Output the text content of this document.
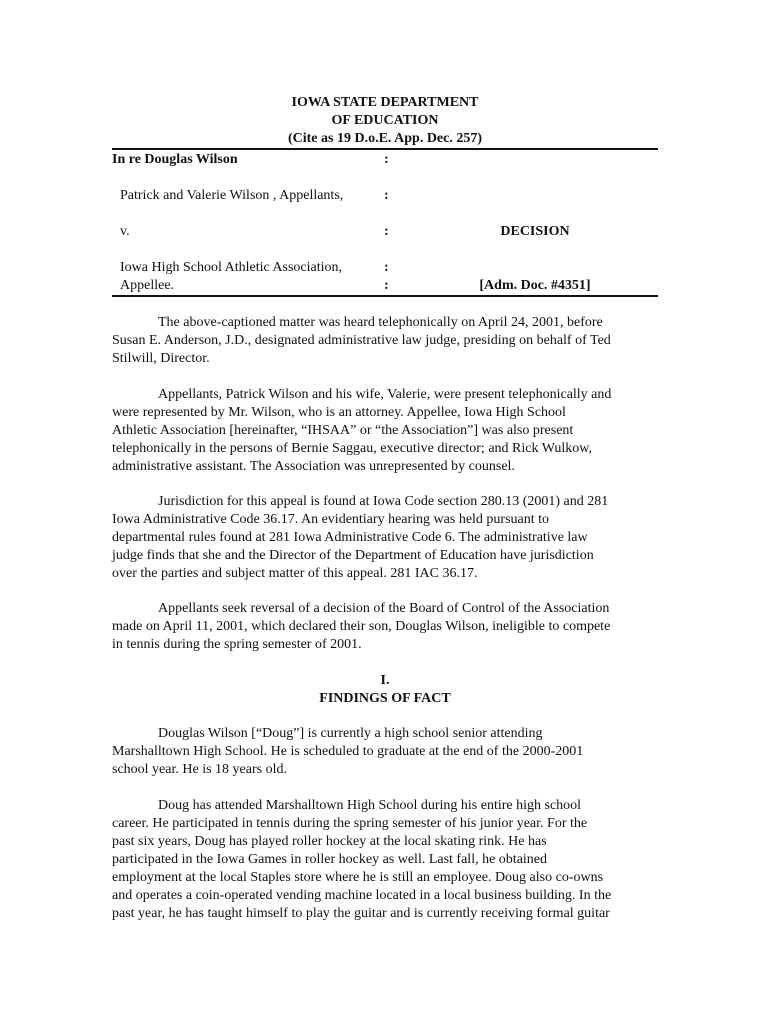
IOWA STATE DEPARTMENT
OF EDUCATION
(Cite as 19 D.o.E. App. Dec. 257)
In re Douglas Wilson	:
Patrick and Valerie Wilson , Appellants,	:
v.	:	DECISION
Iowa High School Athletic Association,	:
Appellee.	:	[Adm. Doc. #4351]
The above-captioned matter was heard telephonically on April 24, 2001, before
Susan E. Anderson, J.D., designated administrative law judge, presiding on behalf of Ted
Stilwill, Director.
Appellants, Patrick Wilson and his wife, Valerie, were present telephonically and
were represented by Mr. Wilson, who is an attorney. Appellee, Iowa High School
Athletic Association [hereinafter, “IHSAA” or “the Association”] was also present
telephonically in the persons of Bernie Saggau, executive director; and Rick Wulkow,
administrative assistant. The Association was unrepresented by counsel.
Jurisdiction for this appeal is found at Iowa Code section 280.13 (2001) and 281
Iowa Administrative Code 36.17. An evidentiary hearing was held pursuant to
departmental rules found at 281 Iowa Administrative Code 6. The administrative law
judge finds that she and the Director of the Department of Education have jurisdiction
over the parties and subject matter of this appeal. 281 IAC 36.17.
Appellants seek reversal of a decision of the Board of Control of the Association
made on April 11, 2001, which declared their son, Douglas Wilson, ineligible to compete
in tennis during the spring semester of 2001.
I.
FINDINGS OF FACT
Douglas Wilson [“Doug”] is currently a high school senior attending
Marshalltown High School. He is scheduled to graduate at the end of the 2000-2001
school year. He is 18 years old.
Doug has attended Marshalltown High School during his entire high school
career. He participated in tennis during the spring semester of his junior year. For the
past six years, Doug has played roller hockey at the local skating rink. He has
participated in the Iowa Games in roller hockey as well. Last fall, he obtained
employment at the local Staples store where he is still an employee. Doug also co-owns
and operates a coin-operated vending machine located in a local business building. In the
past year, he has taught himself to play the guitar and is currently receiving formal guitar
